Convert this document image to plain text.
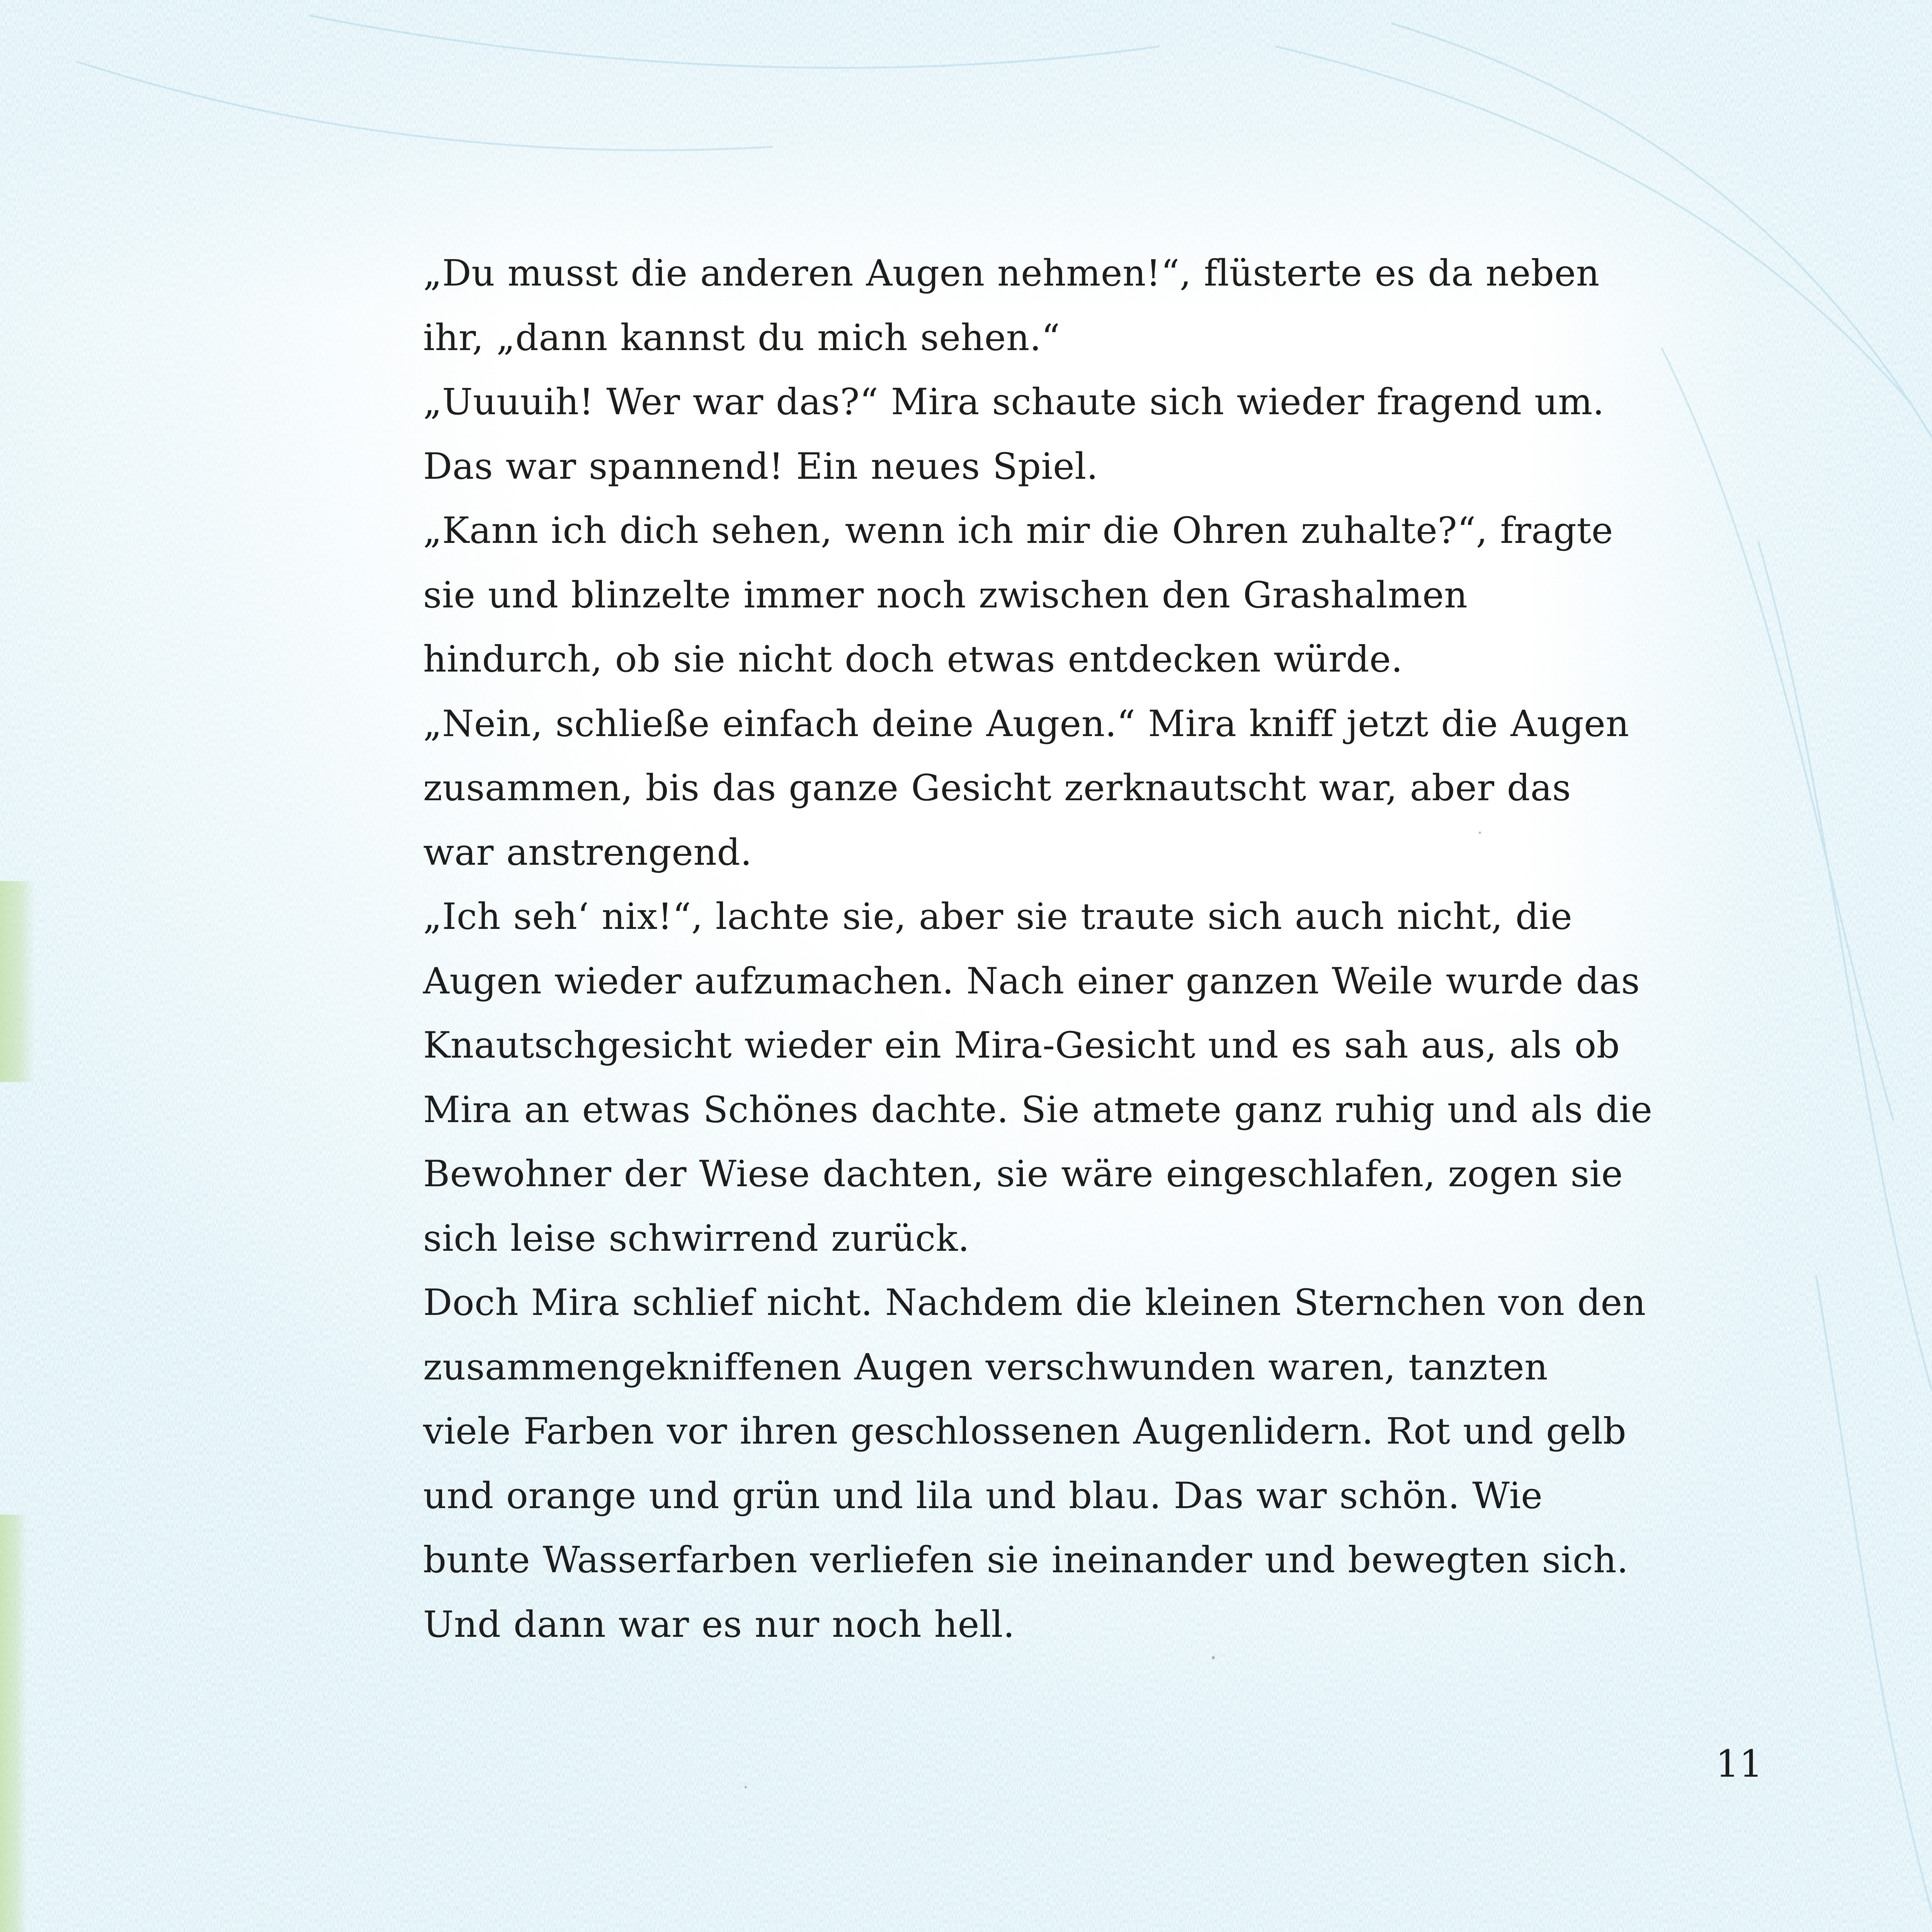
„Du musst die anderen Augen nehmen!“, flüsterte es da neben
ihr, „dann kannst du mich sehen.“
„Uuuuih! Wer war das?“ Mira schaute sich wieder fragend um.
Das war spannend! Ein neues Spiel.
„Kann ich dich sehen, wenn ich mir die Ohren zuhalte?“, fragte
sie und blinzelte immer noch zwischen den Grashalmen
hindurch, ob sie nicht doch etwas entdecken würde.
„Nein, schließe einfach deine Augen.“ Mira kniff jetzt die Augen
zusammen, bis das ganze Gesicht zerknautscht war, aber das
war anstrengend.
„Ich seh‘ nix!“, lachte sie, aber sie traute sich auch nicht, die
Augen wieder aufzumachen. Nach einer ganzen Weile wurde das
Knautschgesicht wieder ein Mira-Gesicht und es sah aus, als ob
Mira an etwas Schönes dachte. Sie atmete ganz ruhig und als die
Bewohner der Wiese dachten, sie wäre eingeschlafen, zogen sie
sich leise schwirrend zurück.
Doch Mira schlief nicht. Nachdem die kleinen Sternchen von den
zusammengekniffenen Augen verschwunden waren, tanzten
viele Farben vor ihren geschlossenen Augenlidern. Rot und gelb
und orange und grün und lila und blau. Das war schön. Wie
bunte Wasserfarben verliefen sie ineinander und bewegten sich.
Und dann war es nur noch hell.
11
